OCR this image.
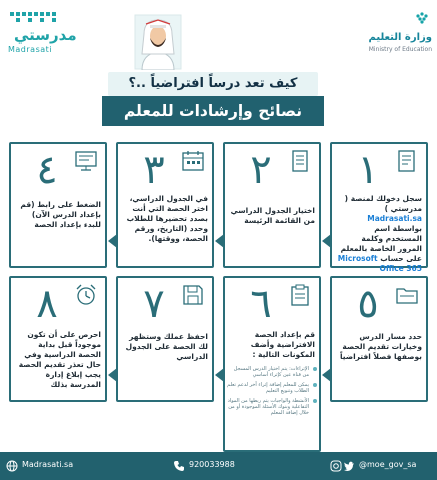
وزارة التعليم
Ministry of Education
مدرستي
Madrasati
كيف تعد درساً افتراضياً ..؟
نصائح وإرشادات للمعلم
١
سجل دخولك لمنصة ( مدرستي ) Madrasati.sa بواسطة اسم المستخدم وكلمة المرور الخاصة بالمعلم على حساب Microsoft Office 365
٢
اختيار الجدول الدراسي من القائمة الرئيسة
٣
في الجدول الدراسي، اختر الحصة التي أنت بصدد تحضيرها للطلاب وحدد (التاريخ، ورقم الحصة، ووقتها).
٤
الضغط على رابط (قم بإعداد الدرس الآن) للبدء بإعداد الحصة
٥
حدد مسار الدرس وخيارات تقديم الحصة بوصفها فصلاً افتراضياً
٦
قم بإعداد الحصة الافتراضية وأضف المكونات التالية :
الإثراءات: يتم اختيار الدرس المسجل من قناة عين كإثراء أساسي
يمكن للمعلم إضافة إثراء آخر لدعم تعلم الطلاب وتنويع التعليم
الأنشطة والواجبات يتم ربطها من المواد التفاعلية وبنوك الأسئلة الموجودة أو من خلال إضافة المعلم
٧
احفظ عملك وستظهر لك الحصة على الجدول الدراسي
٨
احرص على أن تكون موجوداً قبل بداية الحصة الدراسية وفي حال تعذر تقديم الحصة يجب إبلاغ إدارة المدرسة بذلك
Madrasati.sa	920033988	@moe_gov_sa
